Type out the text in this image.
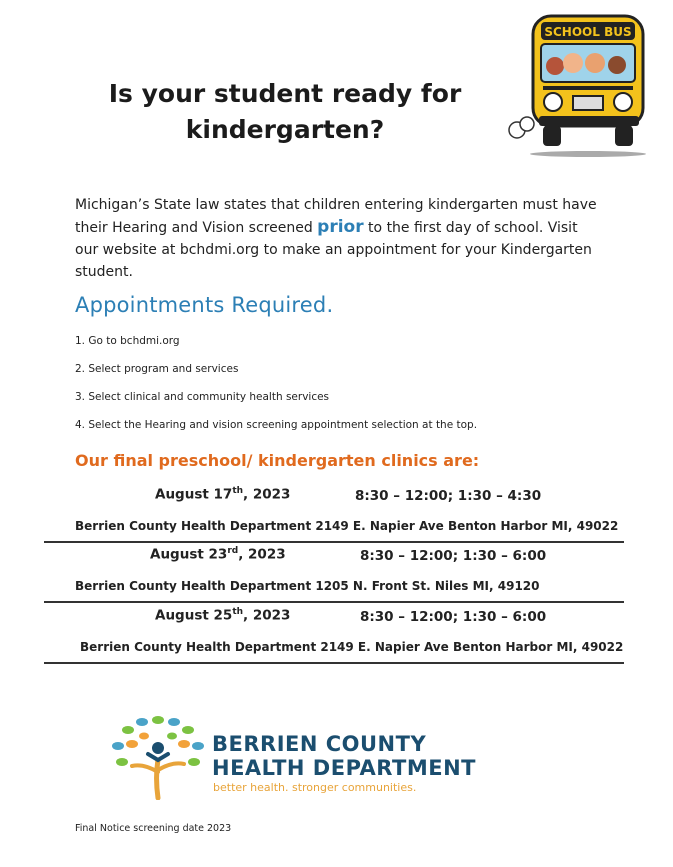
Is your student ready for kindergarten?
SCHOOL BUS
Michigan’s State law states that children entering kindergarten must have their Hearing and Vision screened prior to the first day of school. Visit our website at bchdmi.org to make an appointment for your Kindergarten student.
Appointments Required.
1. Go to bchdmi.org
2. Select program and services
3. Select clinical and community health services
4. Select the Hearing and vision screening appointment selection at the top.
Our final preschool/ kindergarten clinics are:
August 17th, 2023	8:30 – 12:00; 1:30 – 4:30
Berrien County Health Department 2149 E. Napier Ave Benton Harbor MI, 49022
August 23rd, 2023	8:30 – 12:00; 1:30 – 6:00
Berrien County Health Department 1205 N. Front St. Niles MI, 49120
August 25th, 2023	8:30 – 12:00; 1:30 – 6:00
Berrien County Health Department 2149 E. Napier Ave Benton Harbor MI, 49022
BERRIEN COUNTY
HEALTH DEPARTMENT
better health. stronger communities.
Final Notice screening date 2023
